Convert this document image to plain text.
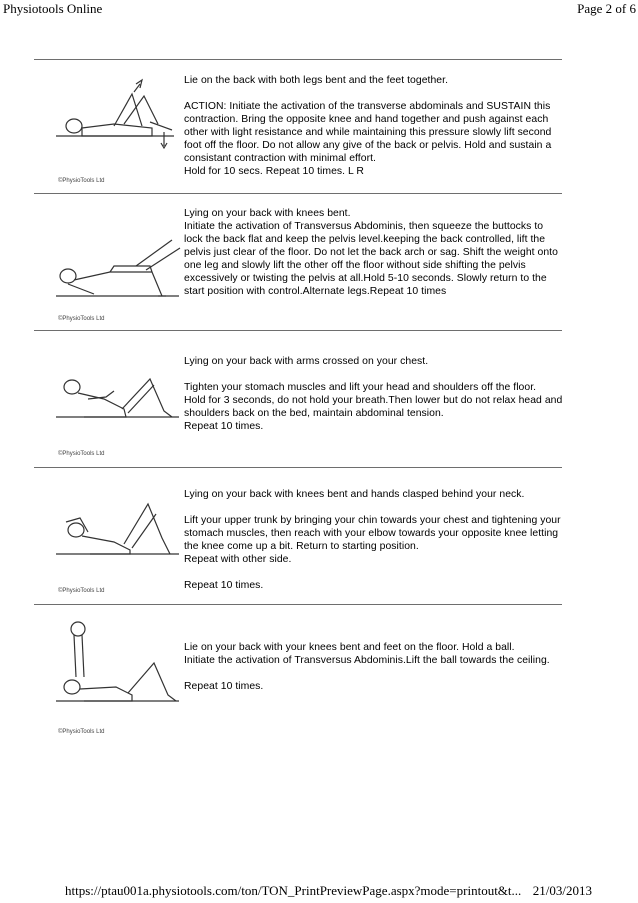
Physiotools Online	Page 2 of 6
©PhysioTools Ltd

Lie on the back with both legs bent and the feet together.

ACTION: Initiate the activation of the transverse abdominals and SUSTAIN this contraction. Bring the opposite knee and hand together and push against each other with light resistance and while maintaining this pressure slowly lift second foot off the floor. Do not allow any give of the back or pelvis. Hold and sustain a consistant contraction with minimal effort.
Hold for 10 secs. Repeat 10 times. L R

©PhysioTools Ltd

Lying on your back with knees bent.
Initiate the activation of Transversus Abdominis, then squeeze the buttocks to lock the back flat and keep the pelvis level.keeping the back controlled, lift the pelvis just clear of the floor. Do not let the back arch or sag. Shift the weight onto one leg and slowly lift the other off the floor without side shifting the pelvis excessively or twisting the pelvis at all.Hold 5-10 seconds. Slowly return to the start position with control.Alternate legs.Repeat 10 times

©PhysioTools Ltd

Lying on your back with arms crossed on your chest.

Tighten your stomach muscles and lift your head and shoulders off the floor.
Hold for 3 seconds, do not hold your breath.Then lower but do not relax head and shoulders back on the bed, maintain abdominal tension.
Repeat 10 times.

©PhysioTools Ltd

Lying on your back with knees bent and hands clasped behind your neck.

Lift your upper trunk by bringing your chin towards your chest and tightening your stomach muscles, then reach with your elbow towards your opposite knee letting the knee come up a bit. Return to starting position.
Repeat with other side.

Repeat 10 times.

©PhysioTools Ltd

Lie on your back with your knees bent and feet on the floor. Hold a ball.
Initiate the activation of Transversus Abdominis.Lift the ball towards the ceiling.

Repeat 10 times.

https://ptau001a.physiotools.com/ton/TON_PrintPreviewPage.aspx?mode=printout&t... 21/03/2013
